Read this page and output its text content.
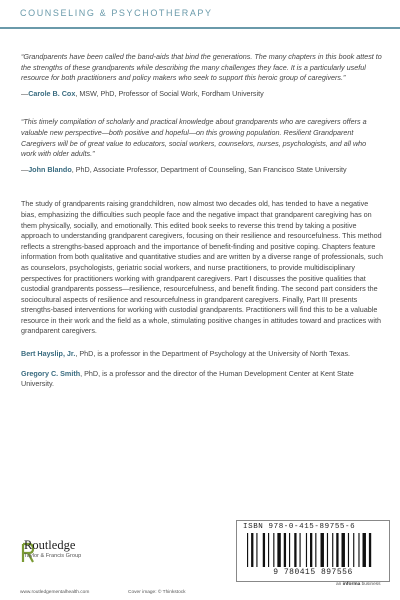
COUNSELING & PSYCHOTHERAPY

“Grandparents have been called the band-aids that bind the generations. The many chapters in this book attest to the strengths of these grandparents while describing the many challenges they face. It is a particularly useful resource for both practitioners and policy makers who seek to support this heroic group of caregivers.”

—Carole B. Cox, MSW, PhD, Professor of Social Work, Fordham University

“This timely compilation of scholarly and practical knowledge about grandparents who are caregivers offers a valuable new perspective—both positive and hopeful—on this growing population. Resilient Grandparent Caregivers will be of great value to educators, social workers, counselors, nurses, psychologists, and all who work with older adults.”

—John Blando, PhD, Associate Professor, Department of Counseling, San Francisco State University

The study of grandparents raising grandchildren, now almost two decades old, has tended to have a negative bias, emphasizing the difficulties such people face and the negative impact that grandparent caregiving has on them physically, socially, and emotionally. This edited book seeks to reverse this trend by taking a positive approach to understanding grandparent caregivers, focusing on their resilience and resourcefulness. This method reflects a strengths-based approach and the importance of benefit-finding and positive coping. Chapters feature information from both qualitative and quantitative studies and are written by a diverse range of professionals, such as counselors, psychologists, geriatric social workers, and nurse practitioners, to provide multidisciplinary perspectives for practitioners working with grandparent caregivers. Part I discusses the positive qualities that custodial grandparents possess—resilience, resourcefulness, and benefit finding. The second part considers the sociocultural aspects of resilience and resourcefulness in grandparent caregivers. Finally, Part III presents strengths-based interventions for working with custodial grandparents. Practitioners will find this to be a valuable resource in their work and the field as a whole, stimulating positive changes in attitudes toward and practices with grandparent caregivers.

Bert Hayslip, Jr., PhD, is a professor in the Department of Psychology at the University of North Texas.

Gregory C. Smith, PhD, is a professor and the director of the Human Development Center at Kent State University.

Routledge

Taylor & Francis Group

www.routledgementalhealth.com	Cover image: © Thinkstock

ISBN 978-0-415-89755-6
9 780415 897556

an informa business
